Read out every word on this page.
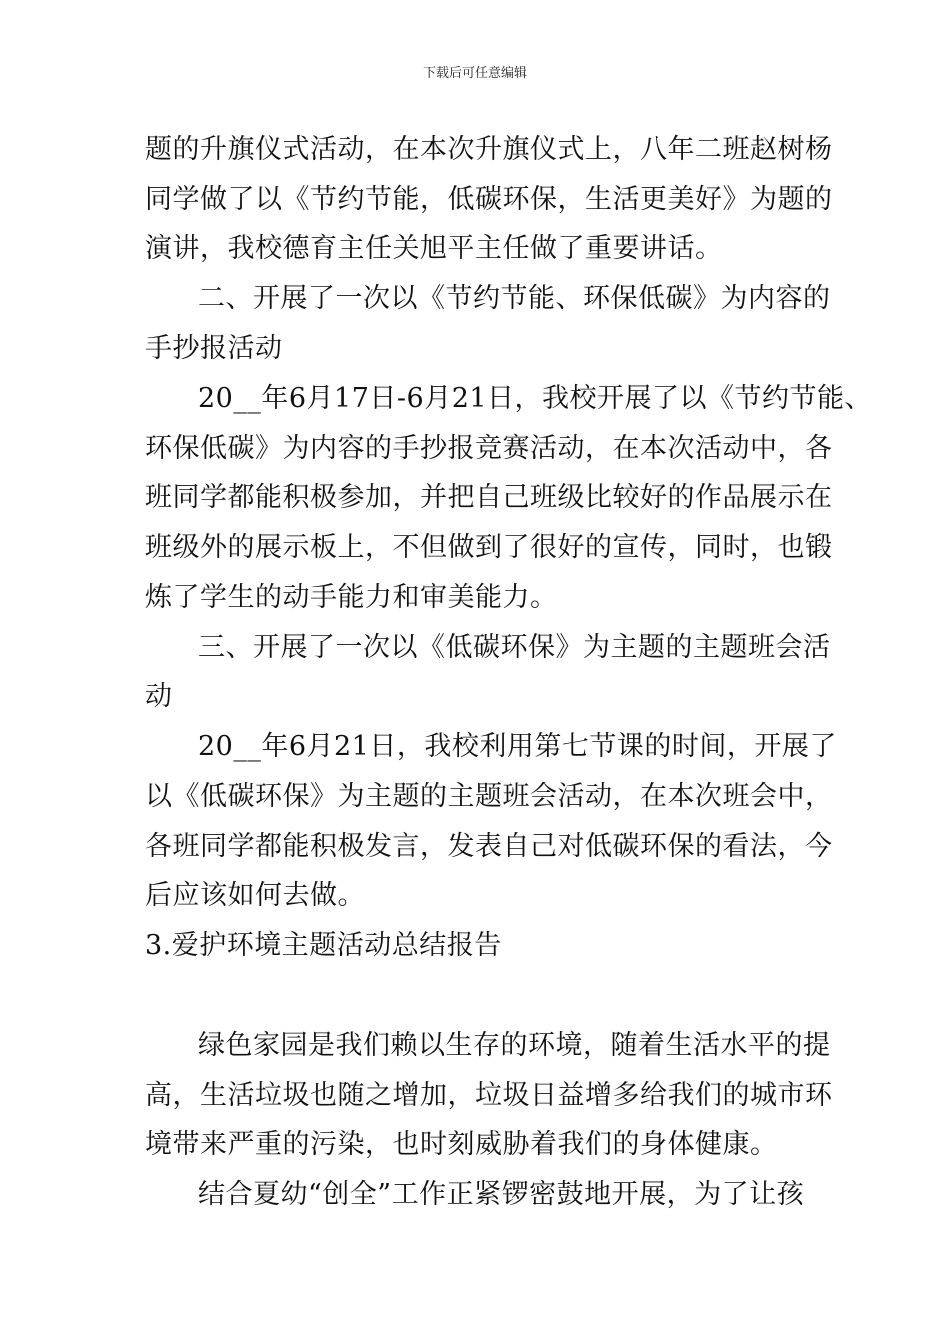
下载后可任意编辑
题的升旗仪式活动，在本次升旗仪式上，八年二班赵树杨
同学做了以《节约节能，低碳环保，生活更美好》为题的
演讲，我校德育主任关旭平主任做了重要讲话。
二、开展了一次以《节约节能、环保低碳》为内容的
手抄报活动
20__年6月17日-6月21日，我校开展了以《节约节能、
环保低碳》为内容的手抄报竞赛活动，在本次活动中，各
班同学都能积极参加，并把自己班级比较好的作品展示在
班级外的展示板上，不但做到了很好的宣传，同时，也锻
炼了学生的动手能力和审美能力。
三、开展了一次以《低碳环保》为主题的主题班会活
动
20__年6月21日，我校利用第七节课的时间，开展了
以《低碳环保》为主题的主题班会活动，在本次班会中，
各班同学都能积极发言，发表自己对低碳环保的看法，今
后应该如何去做。
3.爱护环境主题活动总结报告
绿色家园是我们赖以生存的环境，随着生活水平的提
高，生活垃圾也随之增加，垃圾日益增多给我们的城市环
境带来严重的污染，也时刻威胁着我们的身体健康。
结合夏幼“创全”工作正紧锣密鼓地开展，为了让孩
